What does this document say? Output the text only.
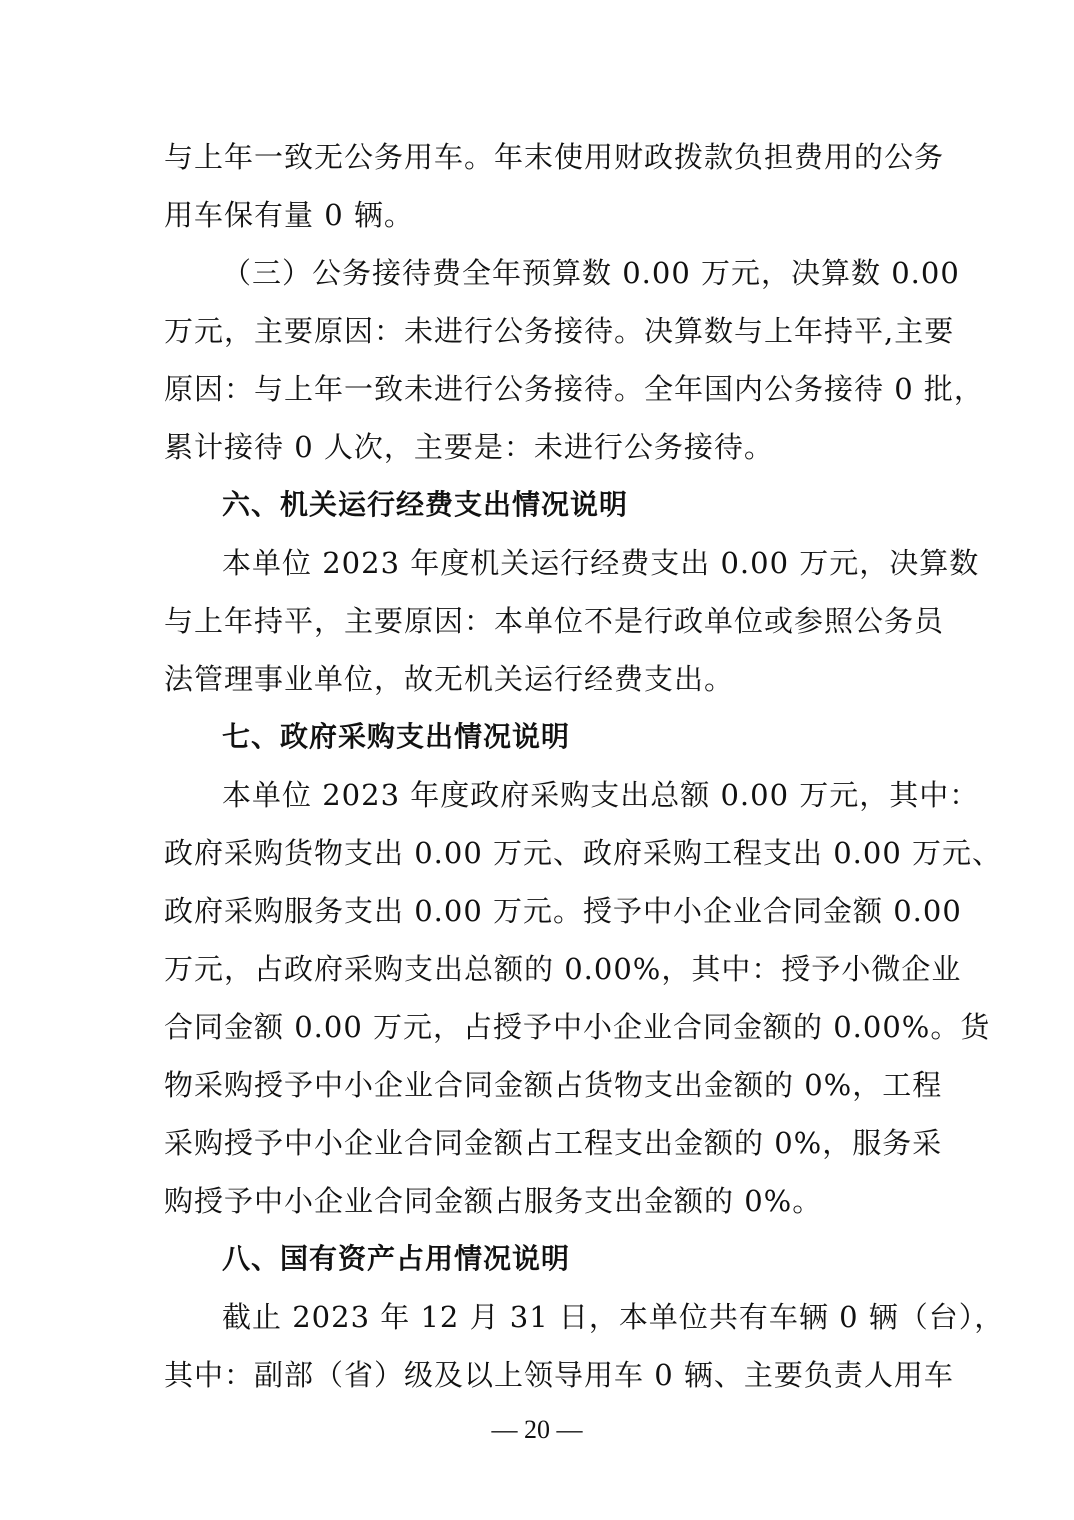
与上年一致无公务用车。年末使用财政拨款负担费用的公务
用车保有量 0 辆。
（三）公务接待费全年预算数 0.00 万元，决算数 0.00
万元，主要原因：未进行公务接待。决算数与上年持平,主要
原因：与上年一致未进行公务接待。全年国内公务接待 0 批，
累计接待 0 人次，主要是：未进行公务接待。
六、机关运行经费支出情况说明
本单位 2023 年度机关运行经费支出 0.00 万元，决算数
与上年持平，主要原因：本单位不是行政单位或参照公务员
法管理事业单位，故无机关运行经费支出。
七、政府采购支出情况说明
本单位 2023 年度政府采购支出总额 0.00 万元，其中：
政府采购货物支出 0.00 万元、政府采购工程支出 0.00 万元、
政府采购服务支出 0.00 万元。授予中小企业合同金额 0.00
万元，占政府采购支出总额的 0.00%，其中：授予小微企业
合同金额 0.00 万元，占授予中小企业合同金额的 0.00%。货
物采购授予中小企业合同金额占货物支出金额的 0%，工程
采购授予中小企业合同金额占工程支出金额的 0%，服务采
购授予中小企业合同金额占服务支出金额的 0%。
八、国有资产占用情况说明
截止 2023 年 12 月 31 日，本单位共有车辆 0 辆（台），
其中：副部（省）级及以上领导用车 0 辆、主要负责人用车
— 20 —
